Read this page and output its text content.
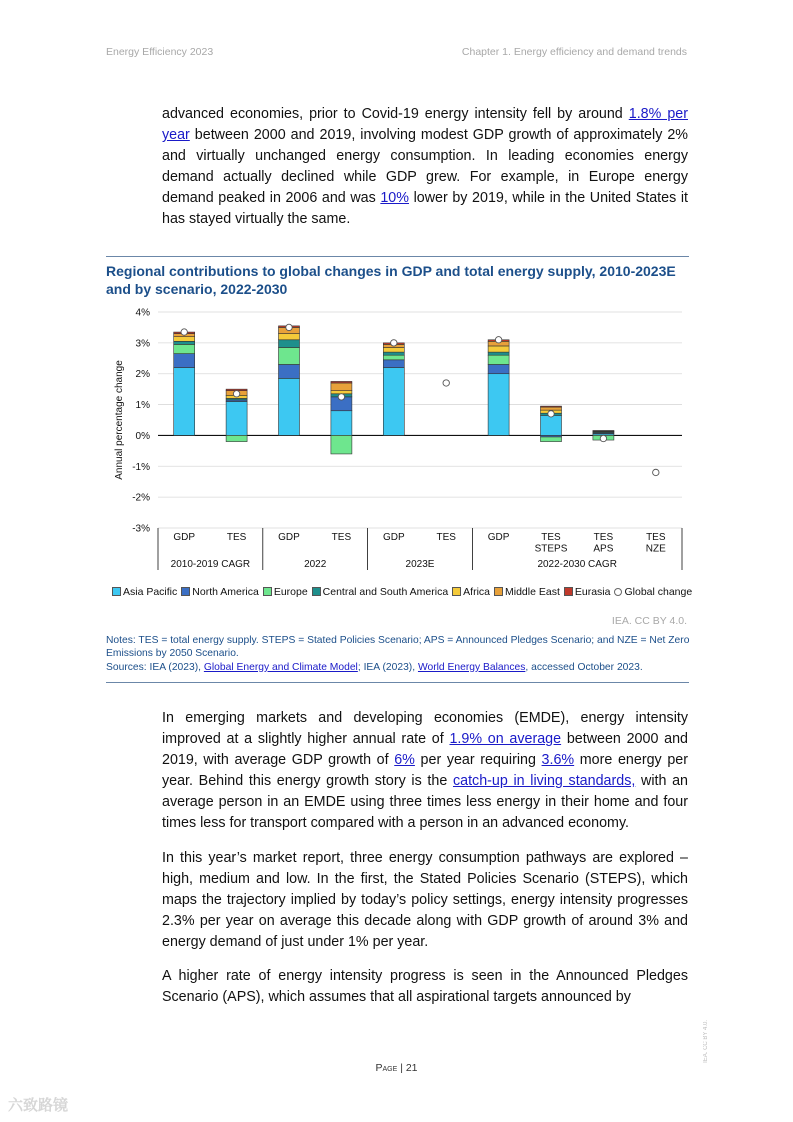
Energy Efficiency 2023	Chapter 1. Energy efficiency and demand trends

advanced economies, prior to Covid-19 energy intensity fell by around 1.8% per year between 2000 and 2019, involving modest GDP growth of approximately 2% and virtually unchanged energy consumption. In leading economies energy demand actually declined while GDP grew. For example, in Europe energy demand peaked in 2006 and was 10% lower by 2019, while in the United States it has stayed virtually the same.

Regional contributions to global changes in GDP and total energy supply, 2010-2023E and by scenario, 2022-2030

4%
3%
2%
1%
0%
-1%
-2%
-3%
Annual percentage change
GDP	TES	GDP	TES	GDP	TES	GDP	TES
STEPS
TES
APS
TES
NZE
2010-2019 CAGR	2022	2023E	2022-2030 CAGR
Asia Pacific North America Europe Central and South America Africa Middle East Eurasia Global change
IEA. CC BY 4.0.
Notes: TES = total energy supply. STEPS = Stated Policies Scenario; APS = Announced Pledges Scenario; and NZE = Net Zero Emissions by 2050 Scenario.
Sources: IEA (2023), Global Energy and Climate Model; IEA (2023), World Energy Balances, accessed October 2023.

In emerging markets and developing economies (EMDE), energy intensity improved at a slightly higher annual rate of 1.9% on average between 2000 and 2019, with average GDP growth of 6% per year requiring 3.6% more energy per year. Behind this energy growth story is the catch-up in living standards, with an average person in an EMDE using three times less energy in their home and four times less for transport compared with a person in an advanced economy.

In this year’s market report, three energy consumption pathways are explored – high, medium and low. In the first, the Stated Policies Scenario (STEPS), which maps the trajectory implied by today’s policy settings, energy intensity progresses 2.3% per year on average this decade along with GDP growth of around 3% and energy demand of just under 1% per year.

A higher rate of energy intensity progress is seen in the Announced Pledges Scenario (APS), which assumes that all aspirational targets announced by

Page | 21
IEA. CC BY 4.0.
六致路镜
